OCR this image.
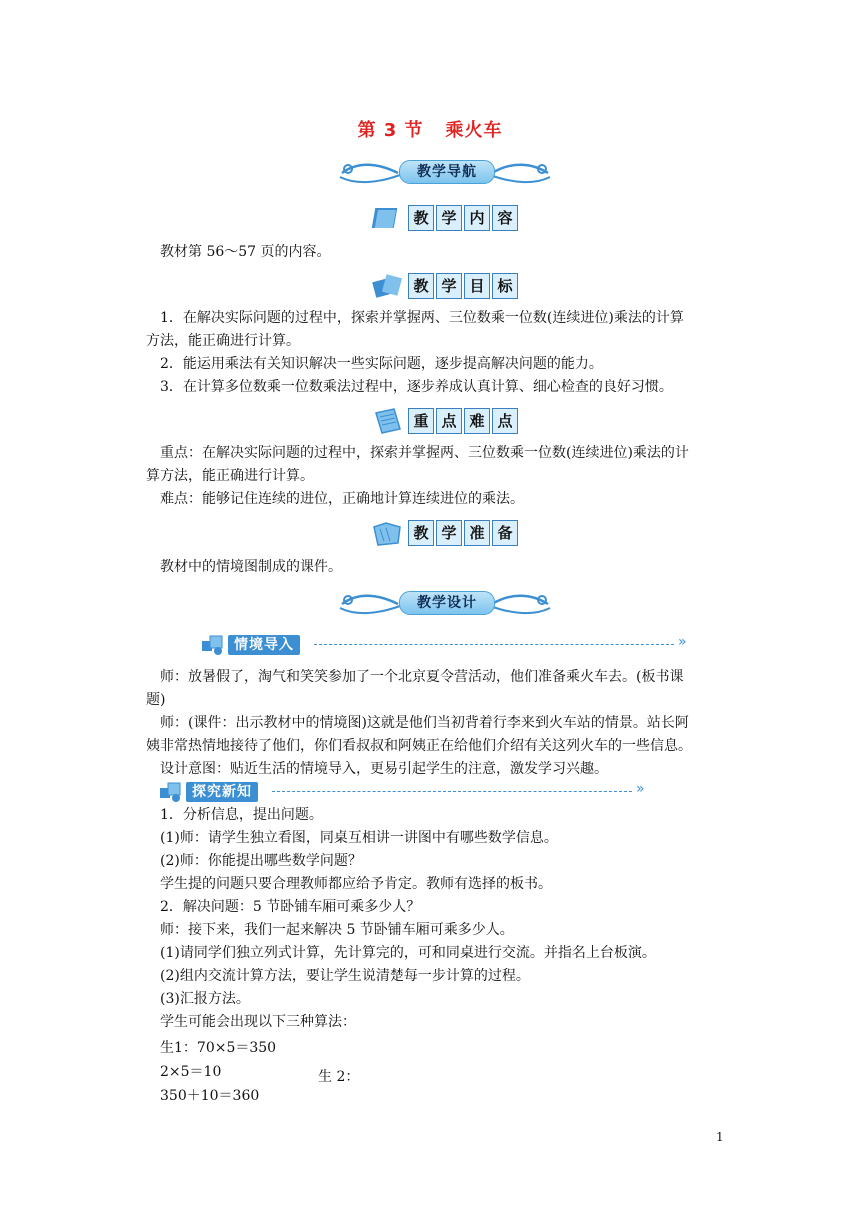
第 3 节 乘火车
教学导航
教 学 内 容
教材第 56～57 页的内容。
教 学 目 标
1．在解决实际问题的过程中，探索并掌握两、三位数乘一位数(连续进位)乘法的计算
方法，能正确进行计算。
2．能运用乘法有关知识解决一些实际问题，逐步提高解决问题的能力。
3．在计算多位数乘一位数乘法过程中，逐步养成认真计算、细心检查的良好习惯。
重 点 难 点
重点：在解决实际问题的过程中，探索并掌握两、三位数乘一位数(连续进位)乘法的计
算方法，能正确进行计算。
难点：能够记住连续的进位，正确地计算连续进位的乘法。
教 学 准 备
教材中的情境图制成的课件。
教学设计
情境导入	»
师：放暑假了，淘气和笑笑参加了一个北京夏令营活动，他们准备乘火车去。(板书课
题)
师：(课件：出示教材中的情境图)这就是他们当初背着行李来到火车站的情景。站长阿
姨非常热情地接待了他们，你们看叔叔和阿姨正在给他们介绍有关这列火车的一些信息。
设计意图：贴近生活的情境导入，更易引起学生的注意，激发学习兴趣。
探究新知	»
1．分析信息，提出问题。
(1)师：请学生独立看图，同桌互相讲一讲图中有哪些数学信息。
(2)师：你能提出哪些数学问题？
学生提的问题只要合理教师都应给予肯定。教师有选择的板书。
2．解决问题：5 节卧铺车厢可乘多少人？
师：接下来，我们一起来解决 5 节卧铺车厢可乘多少人。
(1)请同学们独立列式计算，先计算完的，可和同桌进行交流。并指名上台板演。
(2)组内交流计算方法，要让学生说清楚每一步计算的过程。
(3)汇报方法。
学生可能会出现以下三种算法：
生1：70×5＝350
2×5＝10
350＋10＝360
生 2：
1
